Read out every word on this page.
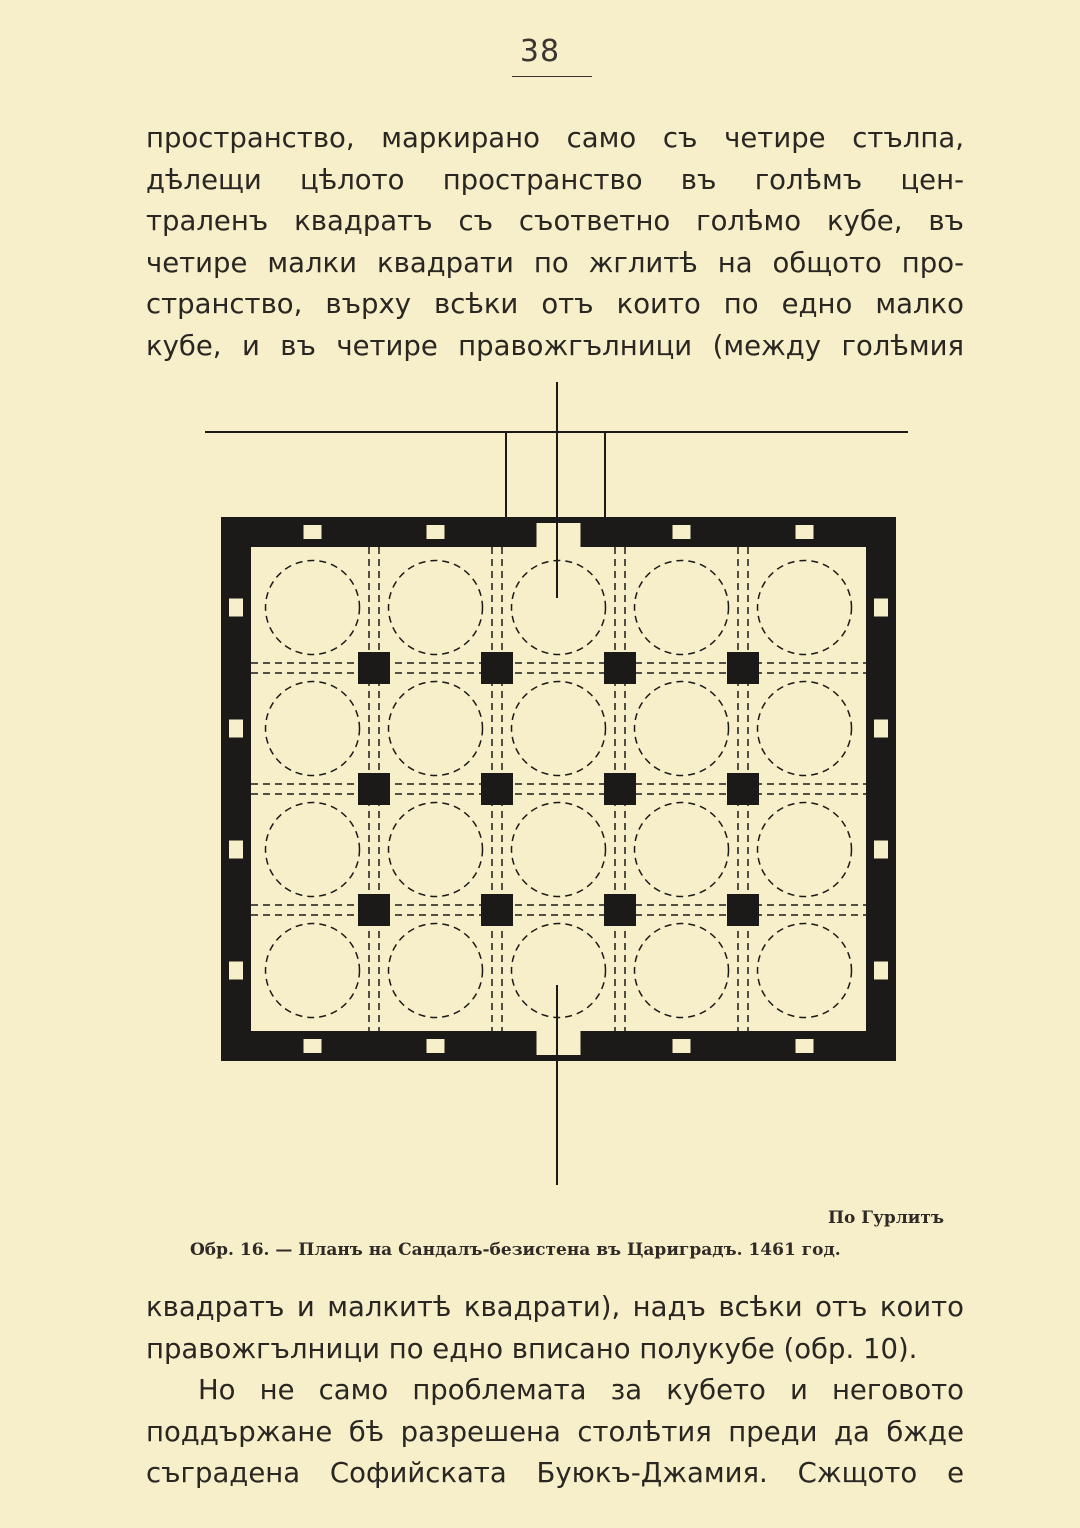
38
пространство, маркирано само съ четире стълпа,
дѣлещи цѣлото пространство въ голѣмъ цен-
траленъ квадратъ съ съответно голѣмо кубе, въ
четире малки квадрати по жглитѣ на общото про-
странство, върху всѣки отъ които по едно малко
кубе, и въ четире правожгълници (между голѣмия
По Гурлитъ
Обр. 16. — Планъ на Сандалъ-безистена въ Цариградъ. 1461 год.
квадратъ и малкитѣ квадрати), надъ всѣки отъ които
правожгълници по едно вписано полукубе (обр. 10).
Но не само проблемата за кубето и неговото
поддържане бѣ разрешена столѣтия преди да бжде
съградена Софийската Буюкъ-Джамия. Сжщото е
